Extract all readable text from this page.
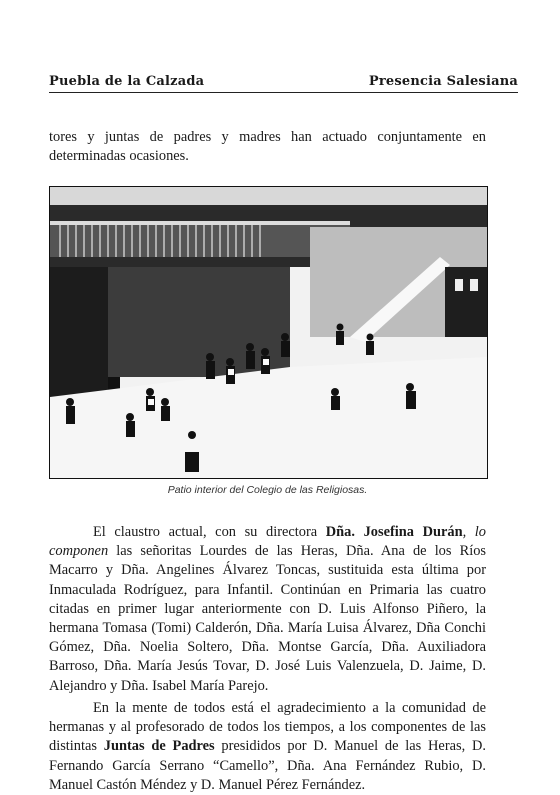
Puebla de la Calzada	Presencia Salesiana

tores y juntas de padres y madres han actuado conjuntamente en determinadas ocasiones.

Patio interior del Colegio de las Religiosas.

El claustro actual, con su directora Dña. Josefina Durán, lo componen las señoritas Lourdes de las Heras, Dña. Ana de los Ríos Macarro y Dña. Angelines Álvarez Toncas, sustituida esta última por Inmaculada Rodríguez, para Infantil. Continúan en Primaria las cuatro citadas en primer lugar anteriormente con D. Luis Alfonso Piñero, la hermana Tomasa (Tomi) Calderón, Dña. María Luisa Álvarez, Dña Conchi Gómez, Dña. Noelia Soltero, Dña. Montse García, Dña. Auxiliadora Barroso, Dña. María Jesús Tovar, D. José Luis Valenzuela, D. Jaime, D. Alejandro y Dña. Isabel María Parejo.

En la mente de todos está el agradecimiento a la comunidad de hermanas y al profesorado de todos los tiempos, a los componentes de las distintas Juntas de Padres presididos por D. Manuel de las Heras, D. Fernando García Serrano “Camello”, Dña. Ana Fernández Rubio, D. Manuel Castón Méndez y D. Manuel Pérez Fernández.
